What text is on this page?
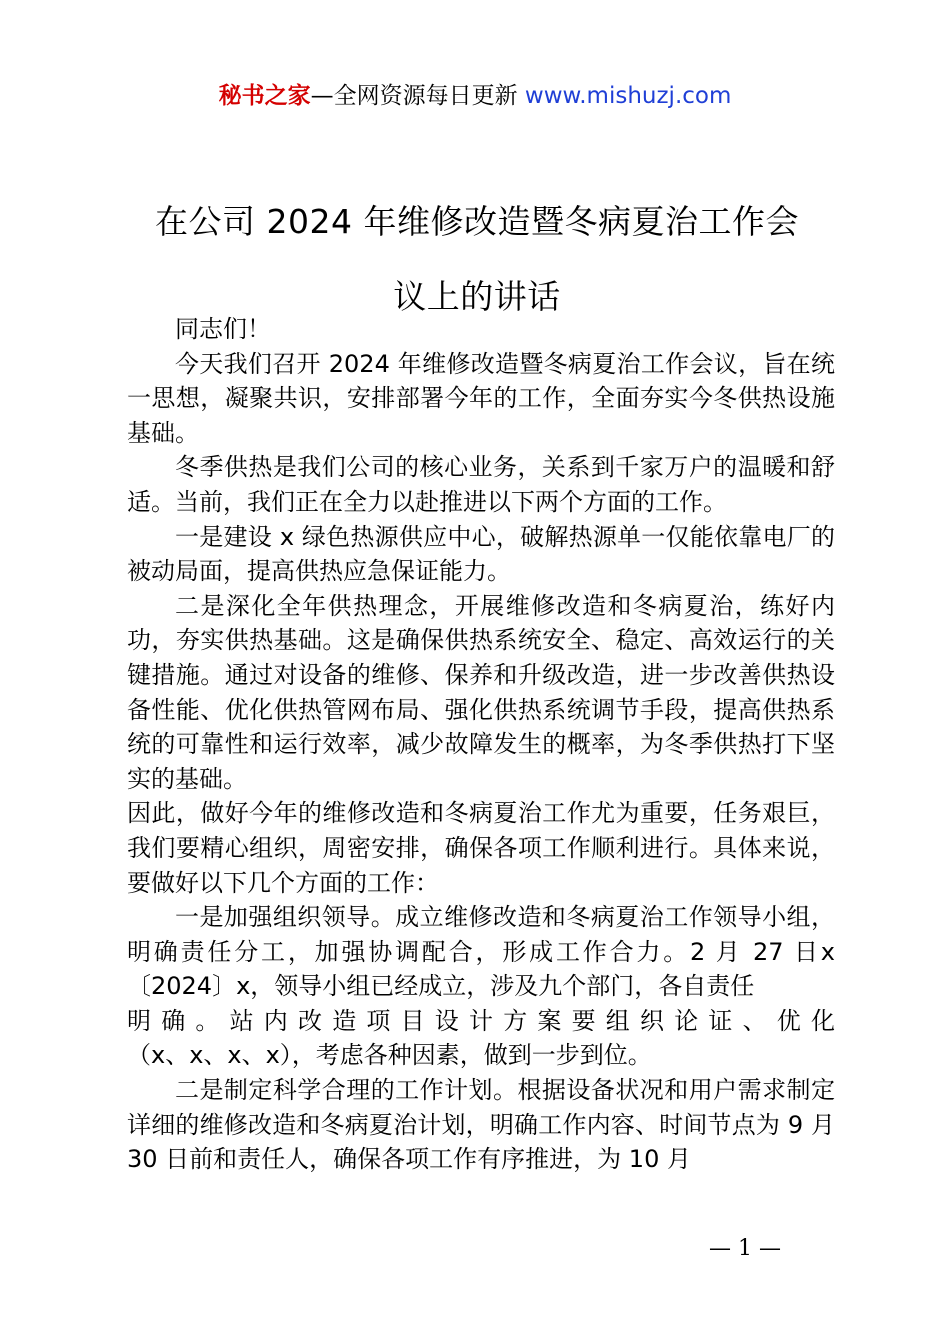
秘书之家—全网资源每日更新 www.mishuzj.com
在公司 2024 年维修改造暨冬病夏治工作会
议上的讲话

同志们！

今天我们召开 2024 年维修改造暨冬病夏治工作会议，旨在统一思想，凝聚共识，安排部署今年的工作，全面夯实今冬供热设施基础。

冬季供热是我们公司的核心业务，关系到千家万户的温暖和舒适。当前，我们正在全力以赴推进以下两个方面的工作。

一是建设 x 绿色热源供应中心，破解热源单一仅能依靠电厂的被动局面，提高供热应急保证能力。

二是深化全年供热理念，开展维修改造和冬病夏治，练好内功，夯实供热基础。这是确保供热系统安全、稳定、高效运行的关键措施。通过对设备的维修、保养和升级改造，进一步改善供热设备性能、优化供热管网布局、强化供热系统调节手段，提高供热系统的可靠性和运行效率，减少故障发生的概率，为冬季供热打下坚实的基础。

因此，做好今年的维修改造和冬病夏治工作尤为重要，任务艰巨，我们要精心组织，周密安排，确保各项工作顺利进行。具体来说，要做好以下几个方面的工作：

一是加强组织领导。成立维修改造和冬病夏治工作领导小组，明确责任分工，加强协调配合，形成工作合力。2 月 27 日x〔2024〕x，领导小组已经成立，涉及九个部门，各自责任

明确。站内改造项目设计方案要组织论证、优化

（x、x、x、x），考虑各种因素，做到一步到位。

二是制定科学合理的工作计划。根据设备状况和用户需求制定详细的维修改造和冬病夏治计划，明确工作内容、时间节点为 9 月 30 日前和责任人，确保各项工作有序推进，为 10 月

— 1 —
